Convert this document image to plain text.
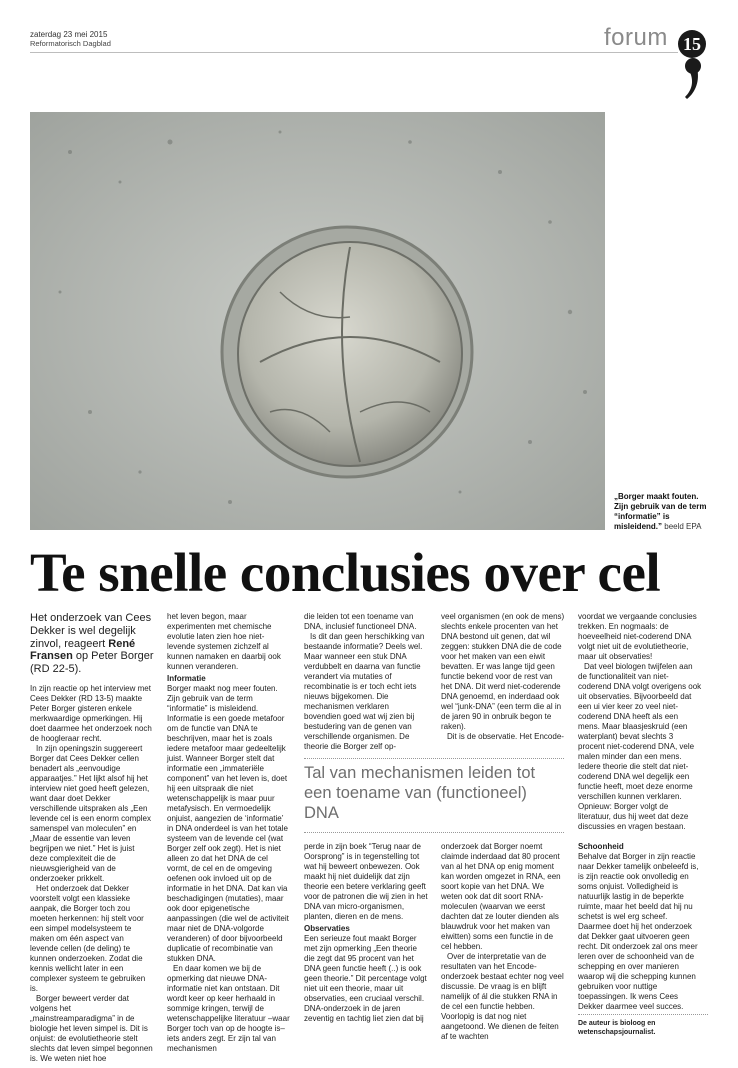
zaterdag 23 mei 2015
Reformatorisch Dagblad	forum 15
„Borger maakt fouten. Zijn gebruik van de term “informatie” is misleidend.” beeld EPA
Te snelle conclusies over cel
Het onderzoek van Cees Dekker is wel degelijk zinvol, reageert René Fransen op Peter Borger (RD 22-5).

In zijn reactie op het interview met Cees Dekker (RD 13-5) maakte Peter Borger gisteren enkele merkwaardige opmerkingen. Hij doet daarmee het onderzoek noch de hoogleraar recht.

In zijn openingszin suggereert Borger dat Cees Dekker cellen benadert als „eenvoudige apparaatjes.” Het lijkt alsof hij het interview niet goed heeft gelezen, want daar doet Dekker verschillende uitspraken als „Een levende cel is een enorm complex samenspel van moleculen” en „Maar de essentie van leven begrijpen we niet.” Het is juist deze complexiteit die de nieuwsgierigheid van de onderzoeker prikkelt.

Het onderzoek dat Dekker voorstelt volgt een klassieke aanpak, die Borger toch zou moeten herkennen: hij stelt voor een simpel modelsysteem te maken om één aspect van levende cellen (de deling) te kunnen onderzoeken. Zodat die kennis wellicht later in een complexer systeem te gebruiken is.

Borger beweert verder dat volgens het „mainstreamparadigma” in de biologie het leven simpel is. Dit is onjuist: de evolutietheorie stelt slechts dat leven simpel begonnen is. We weten niet hoe

het leven begon, maar experimenten met chemische evolutie laten zien hoe niet-levende systemen zichzelf al kunnen namaken en daarbij ook kunnen veranderen.

Informatie

Borger maakt nog meer fouten. Zijn gebruik van de term “informatie” is misleidend. Informatie is een goede metafoor om de functie van DNA te beschrijven, maar het is zoals iedere metafoor maar gedeeltelijk juist. Wanneer Borger stelt dat informatie een „immateriële component” van het leven is, doet hij een uitspraak die niet wetenschappelijk is maar puur metafysisch. En vermoedelijk onjuist, aangezien de ‘informatie’ in DNA onderdeel is van het totale systeem van de levende cel (wat Borger zelf ook zegt). Het is niet alleen zo dat het DNA de cel vormt, de cel en de omgeving oefenen ook invloed uit op de informatie in het DNA. Dat kan via beschadigingen (mutaties), maar ook door epigenetische aanpassingen (die wel de activiteit maar niet de DNA-volgorde veranderen) of door bijvoorbeeld duplicatie of recombinatie van stukken DNA.

En daar komen we bij de opmerking dat nieuwe DNA-informatie niet kan ontstaan. Dit wordt keer op keer herhaald in sommige kringen, terwijl de wetenschappelijke literatuur –waar Borger toch van op de hoogte is– iets anders zegt. Er zijn tal van mechanismen

die leiden tot een toename van DNA, inclusief functioneel DNA.

Is dit dan geen herschikking van bestaande informatie? Deels wel. Maar wanneer een stuk DNA verdubbelt en daarna van functie verandert via mutaties of recombinatie is er toch echt iets nieuws bijgekomen. Die mechanismen verklaren bovendien goed wat wij zien bij bestudering van de genen van verschillende organismen. De theorie die Borger zelf op-

veel organismen (en ook de mens) slechts enkele procenten van het DNA bestond uit genen, dat wil zeggen: stukken DNA die de code voor het maken van een eiwit bevatten. Er was lange tijd geen functie bekend voor de rest van het DNA. Dit werd niet-coderende DNA genoemd, en inderdaad ook wel “junk-DNA” (een term die al in de jaren 90 in onbruik begon te raken).

Dit is de observatie. Het Encode-

Tal van mechanismen leiden tot een toename van (functioneel) DNA

perde in zijn boek “Terug naar de Oorsprong” is in tegenstelling tot wat hij beweert onbewezen. Ook maakt hij niet duidelijk dat zijn theorie een betere verklaring geeft voor de patronen die wij zien in het DNA van micro-organismen, planten, dieren en de mens.

Observaties

Een serieuze fout maakt Borger met zijn opmerking „Een theorie die zegt dat 95 procent van het DNA geen functie heeft (..) is ook geen theorie.” Dit percentage volgt niet uit een theorie, maar uit observaties, een cruciaal verschil. DNA-onderzoek in de jaren zeventig en tachtig liet zien dat bij

onderzoek dat Borger noemt claimde inderdaad dat 80 procent van al het DNA op enig moment kan worden omgezet in RNA, een soort kopie van het DNA. We weten ook dat dit soort RNA-moleculen (waarvan we eerst dachten dat ze louter dienden als blauwdruk voor het maken van eiwitten) soms een functie in de cel hebben.

Over de interpretatie van de resultaten van het Encode-onderzoek bestaat echter nog veel discussie. De vraag is en blijft namelijk of ál die stukken RNA in de cel een functie hebben. Voorlopig is dat nog niet aangetoond. We dienen de feiten af te wachten

voordat we vergaande conclusies trekken. En nogmaals: de hoeveelheid niet-coderend DNA volgt niet uit de evolutietheorie, maar uit observaties!

Dat veel biologen twijfelen aan de functionaliteit van niet-coderend DNA volgt overigens ook uit observaties. Bijvoorbeeld dat een ui vier keer zo veel niet-coderend DNA heeft als een mens. Maar blaasjeskruid (een waterplant) bevat slechts 3 procent niet-coderend DNA, vele malen minder dan een mens. Iedere theorie die stelt dat niet-coderend DNA wel degelijk een functie heeft, moet deze enorme verschillen kunnen verklaren. Opnieuw: Borger volgt de literatuur, dus hij weet dat deze discussies en vragen bestaan.

Schoonheid

Behalve dat Borger in zijn reactie naar Dekker tamelijk onbeleefd is, is zijn reactie ook onvolledig en soms onjuist. Volledigheid is natuurlijk lastig in de beperkte ruimte, maar het beeld dat hij nu schetst is wel erg scheef. Daarmee doet hij het onderzoek dat Dekker gaat uitvoeren geen recht. Dit onderzoek zal ons meer leren over de schoonheid van de schepping en over manieren waarop wij die schepping kunnen gebruiken voor nuttige toepassingen. Ik wens Cees Dekker daarmee veel succes.

De auteur is bioloog en wetenschapsjournalist.
